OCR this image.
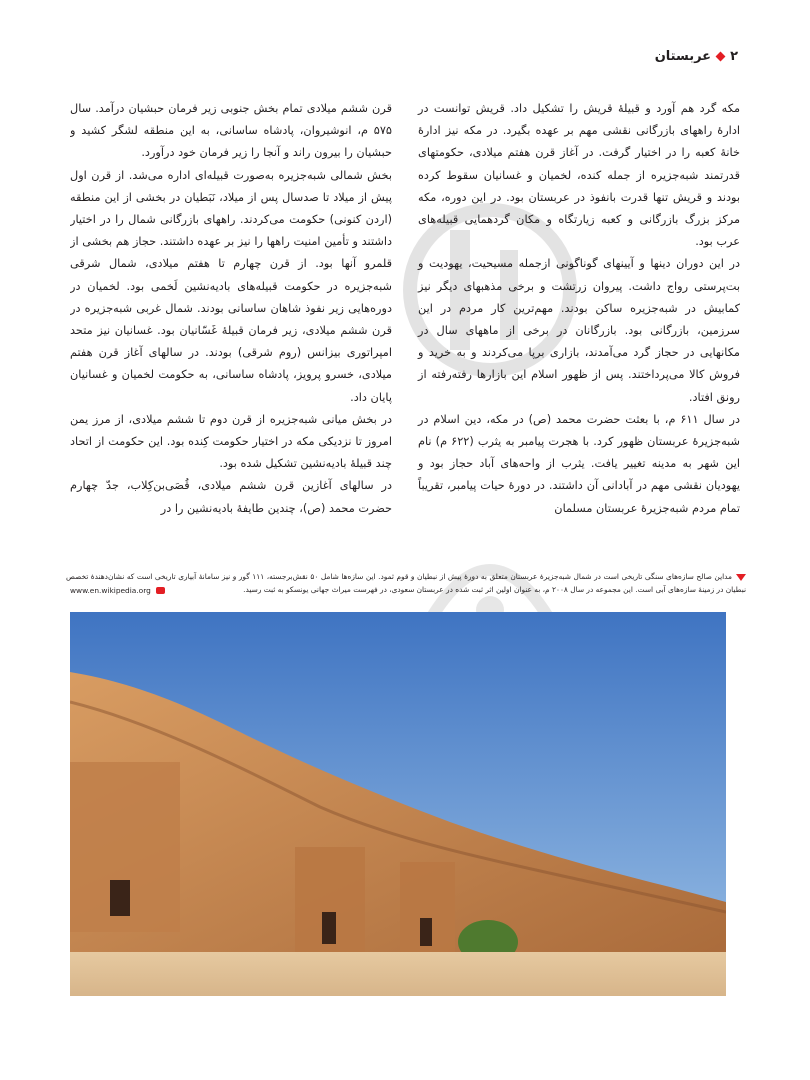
۲
عربستان

قرن ششم میلادی تمام بخش جنوبی زیر فرمان حبشیان درآمد. سال ۵۷۵ م، انوشیروان، پادشاه ساسانی، به این منطقه لشگر کشید و حبشیان را بیرون راند و آنجا را زیر فرمان خود درآورد.

بخش شمالی شبه‌جزیره به‌صورت قبیله‌ای اداره می‌شد. از قرن اول پیش از میلاد تا صدسال پس از میلاد، نَبَطیان در بخشی از این منطقه (اردن کنونی) حکومت می‌کردند. راههای بازرگانی شمال را در اختیار داشتند و تأمین امنیت راهها را نیز بر عهده داشتند. حجاز هم بخشی از قلمرو آنها بود. از قرن چهارم تا هفتم میلادی، شمال شرقی شبه‌جزیره در حکومت قبیله‌های بادیه‌نشین لَخمی بود. لخمیان در دوره‌هایی زیر نفوذ شاهان ساسانی بودند. شمال غربی شبه‌جزیره در قرن ششم میلادی، زیر فرمان قبیلهٔ غَسّانیان بود. غسانیان نیز متحد امپراتوری بیزانس (روم شرقی) بودند. در سالهای آغاز قرن هفتم میلادی، خسرو پرویز، پادشاه ساسانی، به حکومت لخمیان و غسانیان پایان داد.

در بخش میانی شبه‌جزیره از قرن دوم تا ششم میلادی، از مرز یمن امروز تا نزدیکی مکه در اختیار حکومت کِنده بود. این حکومت از اتحاد چند قبیلهٔ بادیه‌نشین تشکیل شده بود.

در سالهای آغازین قرن ششم میلادی، قُصَی‌بن‌کِلاب، جدّ چهارم حضرت محمد (ص)، چندین طایفهٔ بادیه‌نشین را در

مکه گرد هم آورد و قبیلهٔ قریش را تشکیل داد. قریش توانست در ادارهٔ راههای بازرگانی نقشی مهم بر عهده بگیرد. در مکه نیز ادارهٔ خانهٔ کعبه را در اختیار گرفت. در آغاز قرن هفتم میلادی، حکومتهای قدرتمند شبه‌جزیره از جمله کنده، لخمیان و غسانیان سقوط کرده بودند و قریش تنها قدرت بانفوذ در عربستان بود. در این دوره، مکه مرکز بزرگ بازرگانی و کعبه زیارتگاه و مکان گردهمایی قبیله‌های عرب بود.

در این دوران دینها و آیینهای گوناگونی ازجمله مسیحیت، یهودیت و بت‌پرستی رواج داشت. پیروان زرتشت و برخی مذهبهای دیگر نیز کمابیش در شبه‌جزیره ساکن بودند. مهم‌ترین کار مردم در این سرزمین، بازرگانی بود. بازرگانان در برخی از ماههای سال در مکانهایی در حجاز گرد می‌آمدند، بازاری برپا می‌کردند و به خرید و فروش کالا می‌پرداختند. پس از ظهور اسلام این بازارها رفته‌رفته از رونق افتاد.

در سال ۶۱۱ م، با بعثت حضرت محمد (ص) در مکه، دین اسلام در شبه‌جزیرهٔ عربستان ظهور کرد. با هجرت پیامبر به یثرب (۶۲۲ م) نام این شهر به مدینه تغییر یافت. یثرب از واحه‌های آباد حجاز بود و یهودیان نقشی مهم در آبادانی آن داشتند. در دورهٔ حیات پیامبر، تقریباً تمام مردم شبه‌جزیرهٔ عربستان مسلمان

مداین صالح سازه‌های سنگی تاریخی است در شمال شبه‌جزیرهٔ عربستان متعلق به دورهٔ پیش از نبطیان و قوم ثمود. این سازه‌ها شامل ۵۰ نقش‌برجسته، ۱۱۱ گور و نیز سامانهٔ آبیاری تاریخی است که نشان‌دهندهٔ تخصص نبطیان در زمینهٔ سازه‌های آبی است. این مجموعه در سال ۲۰۰۸ م، به عنوان اولین اثر ثبت شده در عربستان سعودی، در فهرست میراث جهانی یونسکو به ثبت رسید.
www.en.wikipedia.org
